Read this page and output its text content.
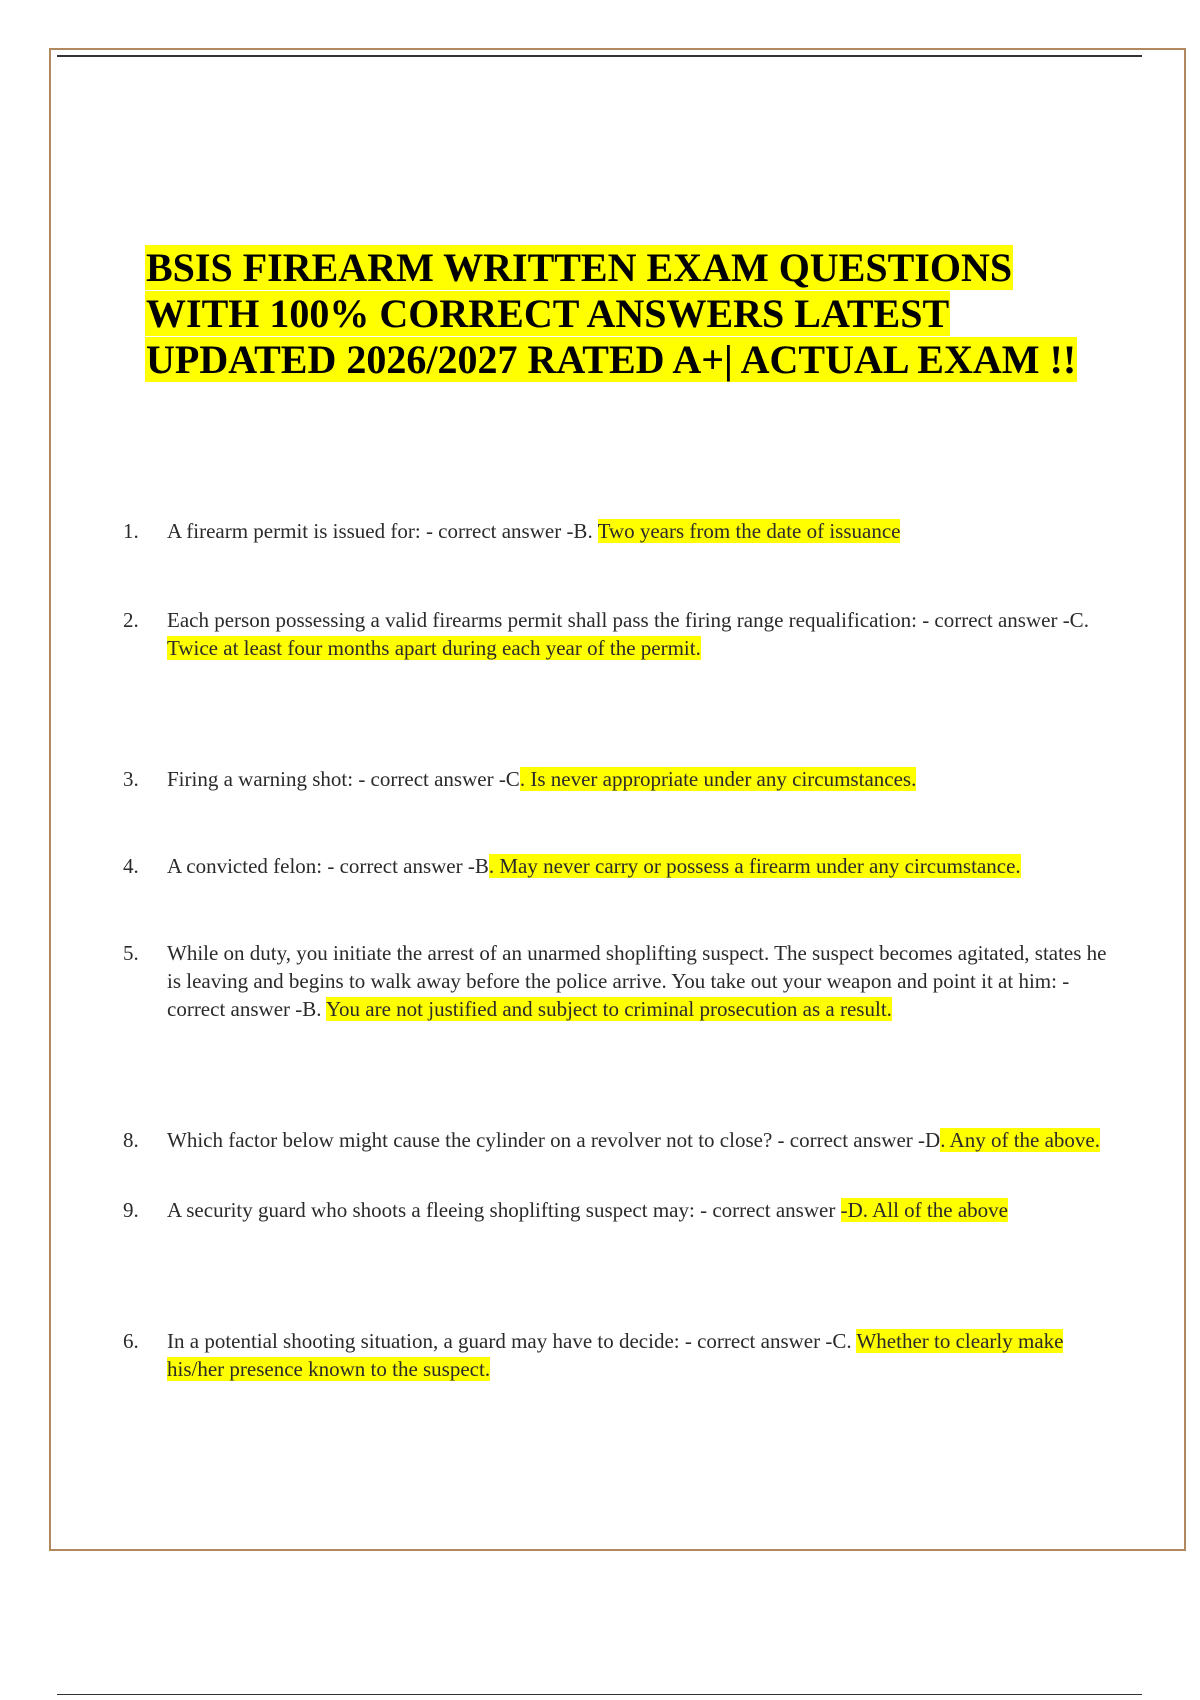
BSIS FIREARM WRITTEN EXAM QUESTIONS
WITH 100% CORRECT ANSWERS LATEST
UPDATED 2026/2027 RATED A+| ACTUAL EXAM !!
1. A firearm permit is issued for: - correct answer -B. Two years from the date of issuance
2. Each person possessing a valid firearms permit shall pass the firing range requalification: - correct answer -C. Twice at least four months apart during each year of the permit.
3. Firing a warning shot: - correct answer -C. Is never appropriate under any circumstances.
4. A convicted felon: - correct answer -B. May never carry or possess a firearm under any circumstance.
5. While on duty, you initiate the arrest of an unarmed shoplifting suspect. The suspect becomes agitated, states he is leaving and begins to walk away before the police arrive. You take out your weapon and point it at him: - correct answer -B. You are not justified and subject to criminal prosecution as a result.
8. Which factor below might cause the cylinder on a revolver not to close? - correct answer -D. Any of the above.
9. A security guard who shoots a fleeing shoplifting suspect may: - correct answer -D. All of the above
6. In a potential shooting situation, a guard may have to decide: - correct answer -C. Whether to clearly make his/her presence known to the suspect.
